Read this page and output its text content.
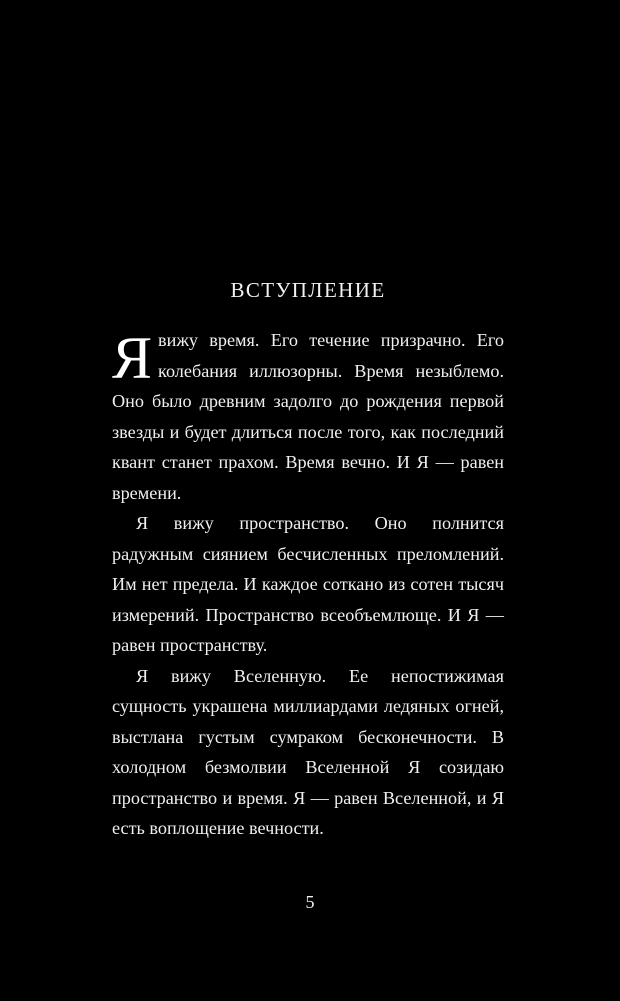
ВСТУПЛЕНИЕ

Явижу время. Его течение призрачно. Его колебания иллюзорны. Время незыблемо. Оно было древним задолго до рождения первой звезды и будет длиться после того, как последний квант станет прахом. Время вечно. И Я — равен времени.

Я вижу пространство. Оно полнится радужным сиянием бесчисленных преломлений. Им нет предела. И каждое соткано из сотен тысяч измерений. Пространство всеобъемлюще. И Я — равен пространству.

Я вижу Вселенную. Ее непостижимая сущность украшена миллиардами ледяных огней, выстлана густым сумраком бесконечности. В холодном безмолвии Вселенной Я созидаю пространство и время. Я — равен Вселенной, и Я есть воплощение вечности.

5
